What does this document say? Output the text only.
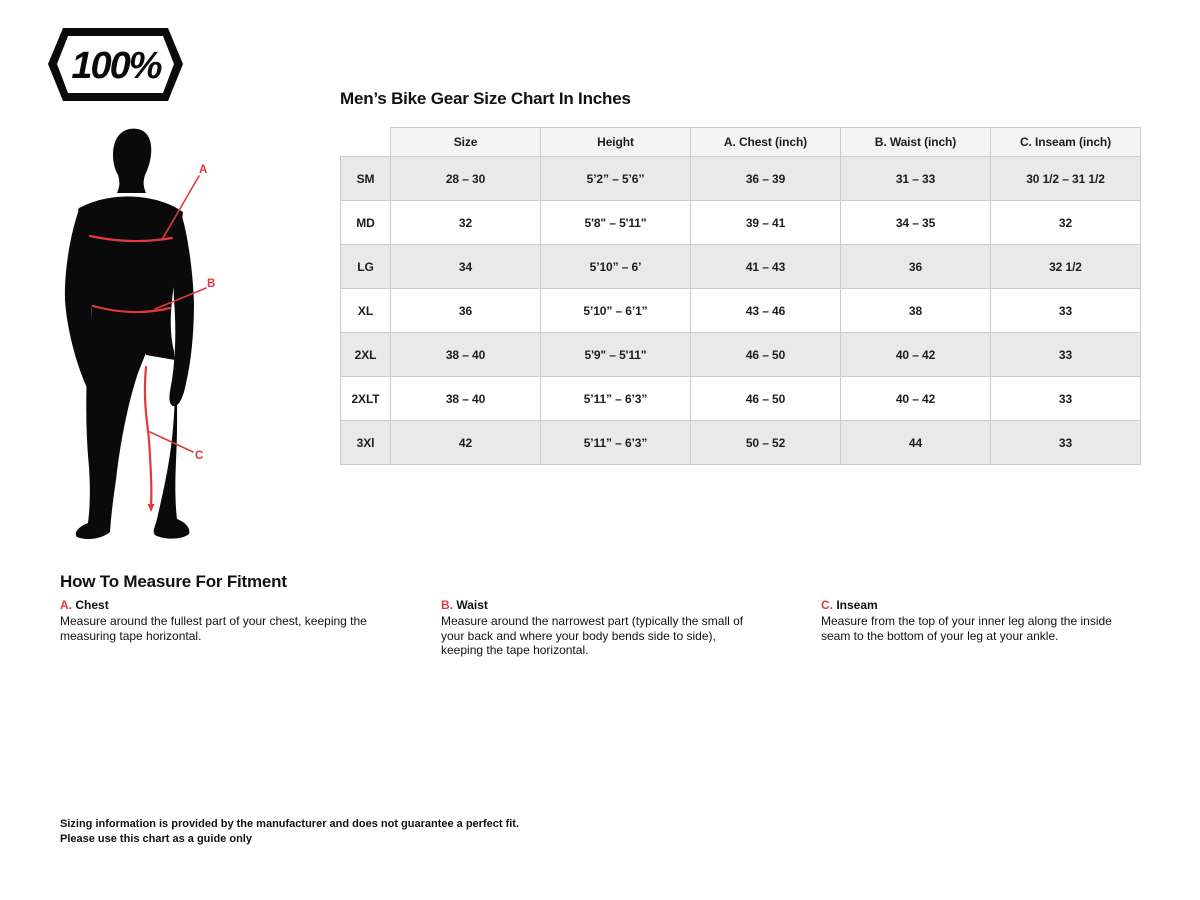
100%
A
B
C
Men’s Bike Gear Size Chart In Inches
	Size	Height	A. Chest (inch)	B. Waist (inch)	C. Inseam (inch)
SM	28 – 30	5’2” – 5’6’’	36 – 39	31 – 33	30 1/2 – 31 1/2
MD	32	5'8" – 5'11"	39 – 41	34 – 35	32
LG	34	5’10” – 6’	41 – 43	36	32 1/2
XL	36	5’10” – 6’1”	43 – 46	38	33
2XL	38 – 40	5'9" – 5'11"	46 – 50	40 – 42	33
2XLT	38 – 40	5’11” – 6’3”	46 – 50	40 – 42	33
3Xl	42	5’11” – 6’3”	50 – 52	44	33
How To Measure For Fitment
A. Chest
Measure around the fullest part of your chest, keeping the measuring tape horizontal.
B. Waist
Measure around the narrowest part (typically the small of your back and where your body bends side to side), keeping the tape horizontal.
C. Inseam
Measure from the top of your inner leg along the inside seam to the bottom of your leg at your ankle.
Sizing information is provided by the manufacturer and does not guarantee a perfect fit.
Please use this chart as a guide only
